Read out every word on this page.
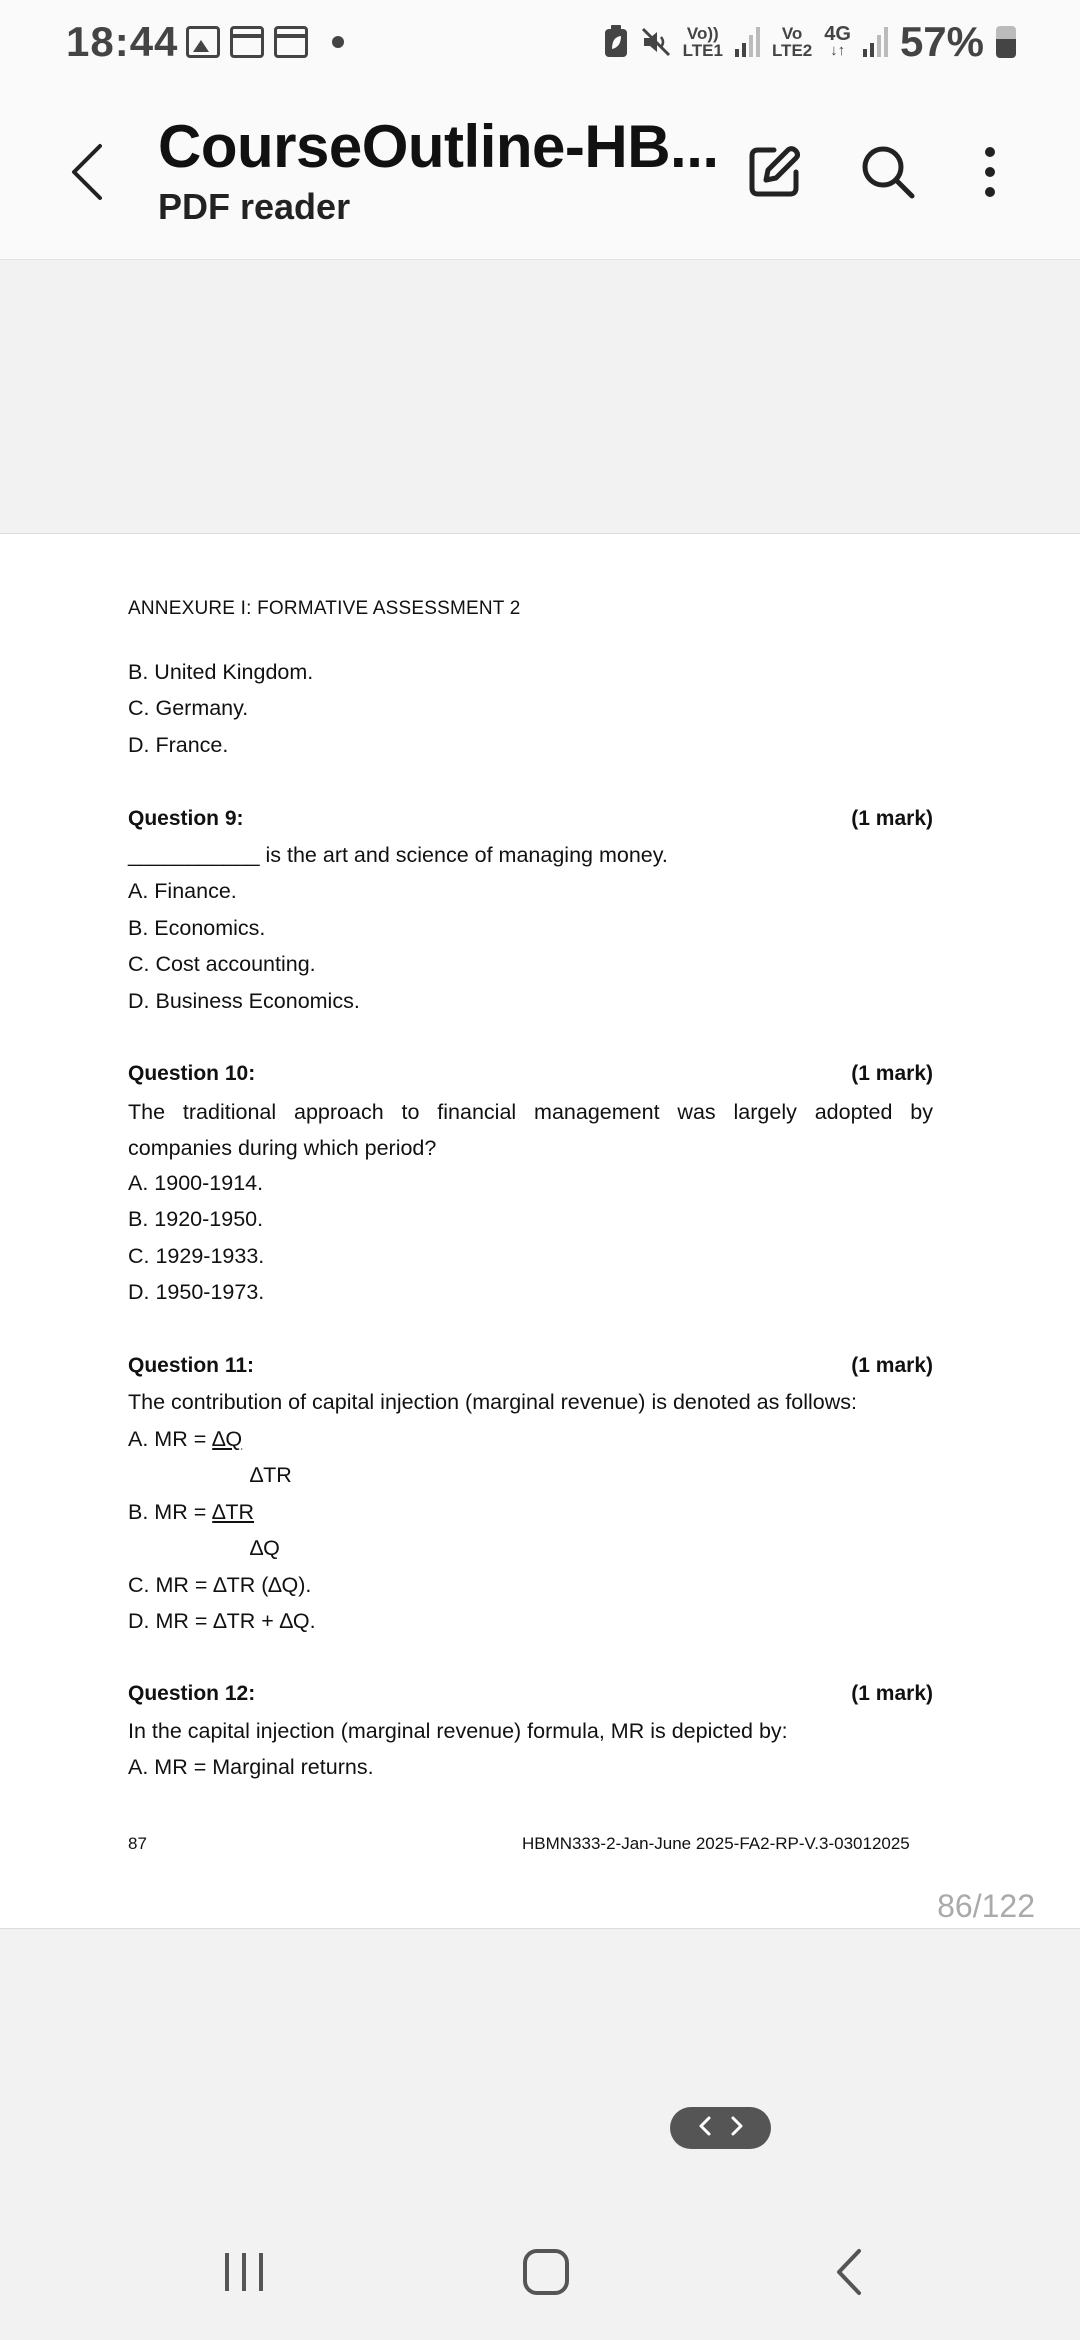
18:44	Vo))
LTE1
Vo
LTE2
4G
↓↑ 57%
CourseOutline-HB...
PDF reader
ANNEXURE I: FORMATIVE ASSESSMENT 2
B. United Kingdom.
C. Germany.
D. France.
Question 9:	(1 mark)
___________ is the art and science of managing money.
A. Finance.
B. Economics.
C. Cost accounting.
D. Business Economics.
Question 10:	(1 mark)
The traditional approach to financial management was largely adopted by companies during which period?
A. 1900-1914.
B. 1920-1950.
C. 1929-1933.
D. 1950-1973.
Question 11:	(1 mark)
The contribution of capital injection (marginal revenue) is denoted as follows:
A. MR = ∆Q
∆TR
B. MR = ∆TR
∆Q
C. MR = ∆TR (∆Q).
D. MR = ∆TR + ∆Q.
Question 12:	(1 mark)
In the capital injection (marginal revenue) formula, MR is depicted by:
A. MR = Marginal returns.
87	HBMN333-2-Jan-June 2025-FA2-RP-V.3-03012025
86/122
